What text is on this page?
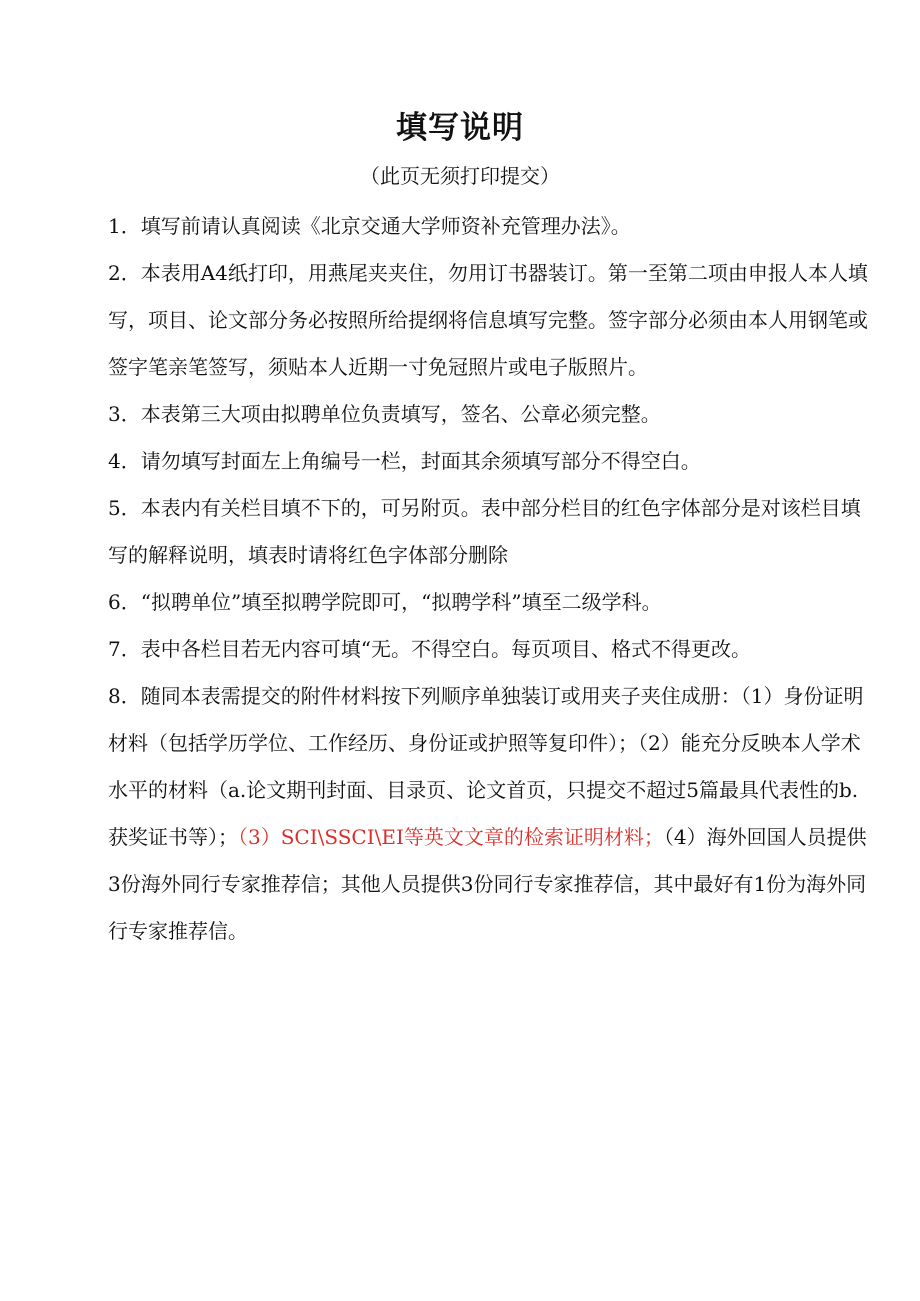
填写说明

（此页无须打印提交）

1．填写前请认真阅读《北京交通大学师资补充管理办法》。

2．本表用A4纸打印，用燕尾夹夹住，勿用订书器装订。第一至第二项由申报人本人填写，项目、论文部分务必按照所给提纲将信息填写完整。签字部分必须由本人用钢笔或签字笔亲笔签写，须贴本人近期一寸免冠照片或电子版照片。

3．本表第三大项由拟聘单位负责填写，签名、公章必须完整。

4．请勿填写封面左上角编号一栏，封面其余须填写部分不得空白。

5．本表内有关栏目填不下的，可另附页。表中部分栏目的红色字体部分是对该栏目填写的解释说明，填表时请将红色字体部分删除

6．“拟聘单位”填至拟聘学院即可，“拟聘学科”填至二级学科。

7．表中各栏目若无内容可填“无。不得空白。每页项目、格式不得更改。

8．随同本表需提交的附件材料按下列顺序单独装订或用夹子夹住成册：（1）身份证明材料（包括学历学位、工作经历、身份证或护照等复印件）；（2）能充分反映本人学术水平的材料（a.论文期刊封面、目录页、论文首页，只提交不超过5篇最具代表性的b.获奖证书等）；（3）SCI\SSCI\EI等英文文章的检索证明材料；（4）海外回国人员提供3份海外同行专家推荐信；其他人员提供3份同行专家推荐信，其中最好有1份为海外同行专家推荐信。
